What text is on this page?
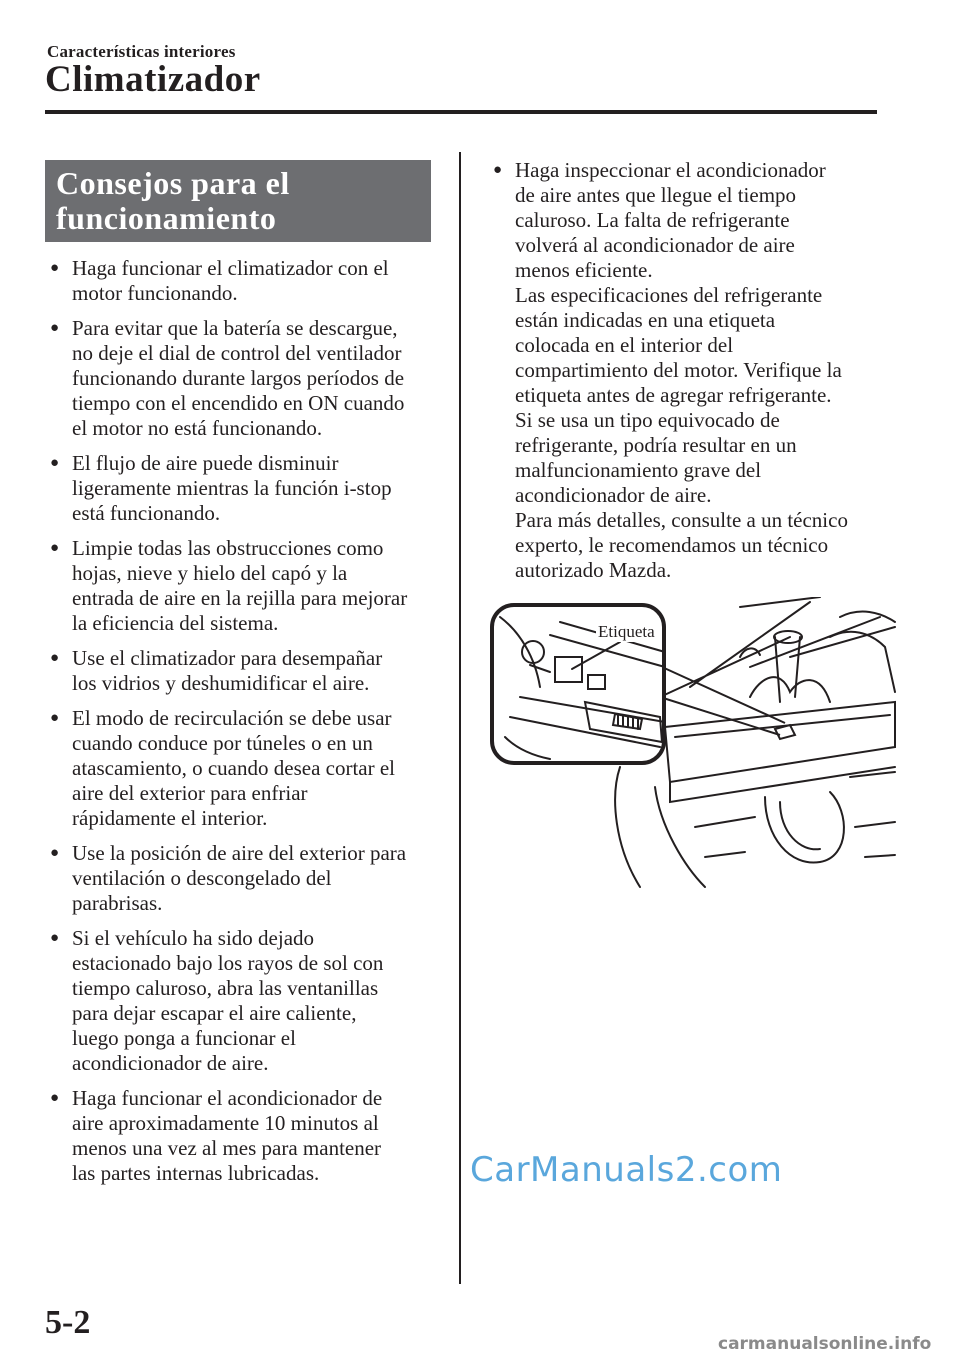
Características interiores
Climatizador
Consejos para el
funcionamiento
● Haga funcionar el climatizador con el
motor funcionando.
● Para evitar que la batería se descargue,
no deje el dial de control del ventilador
funcionando durante largos períodos de
tiempo con el encendido en ON cuando
el motor no está funcionando.
● El flujo de aire puede disminuir
ligeramente mientras la función i-stop
está funcionando.
● Limpie todas las obstrucciones como
hojas, nieve y hielo del capó y la
entrada de aire en la rejilla para mejorar
la eficiencia del sistema.
● Use el climatizador para desempañar
los vidrios y deshumidificar el aire.
● El modo de recirculación se debe usar
cuando conduce por túneles o en un
atascamiento, o cuando desea cortar el
aire del exterior para enfriar
rápidamente el interior.
● Use la posición de aire del exterior para
ventilación o descongelado del
parabrisas.
● Si el vehículo ha sido dejado
estacionado bajo los rayos de sol con
tiempo caluroso, abra las ventanillas
para dejar escapar el aire caliente,
luego ponga a funcionar el
acondicionador de aire.
● Haga funcionar el acondicionador de
aire aproximadamente 10 minutos al
menos una vez al mes para mantener
las partes internas lubricadas.
● Haga inspeccionar el acondicionador
de aire antes que llegue el tiempo
caluroso. La falta de refrigerante
volverá al acondicionador de aire
menos eficiente.
Las especificaciones del refrigerante
están indicadas en una etiqueta
colocada en el interior del
compartimiento del motor. Verifique la
etiqueta antes de agregar refrigerante.
Si se usa un tipo equivocado de
refrigerante, podría resultar en un
malfuncionamiento grave del
acondicionador de aire.
Para más detalles, consulte a un técnico
experto, le recomendamos un técnico
autorizado Mazda.
Etiqueta
CarManuals2.com
5-2
carmanualsonline.info
